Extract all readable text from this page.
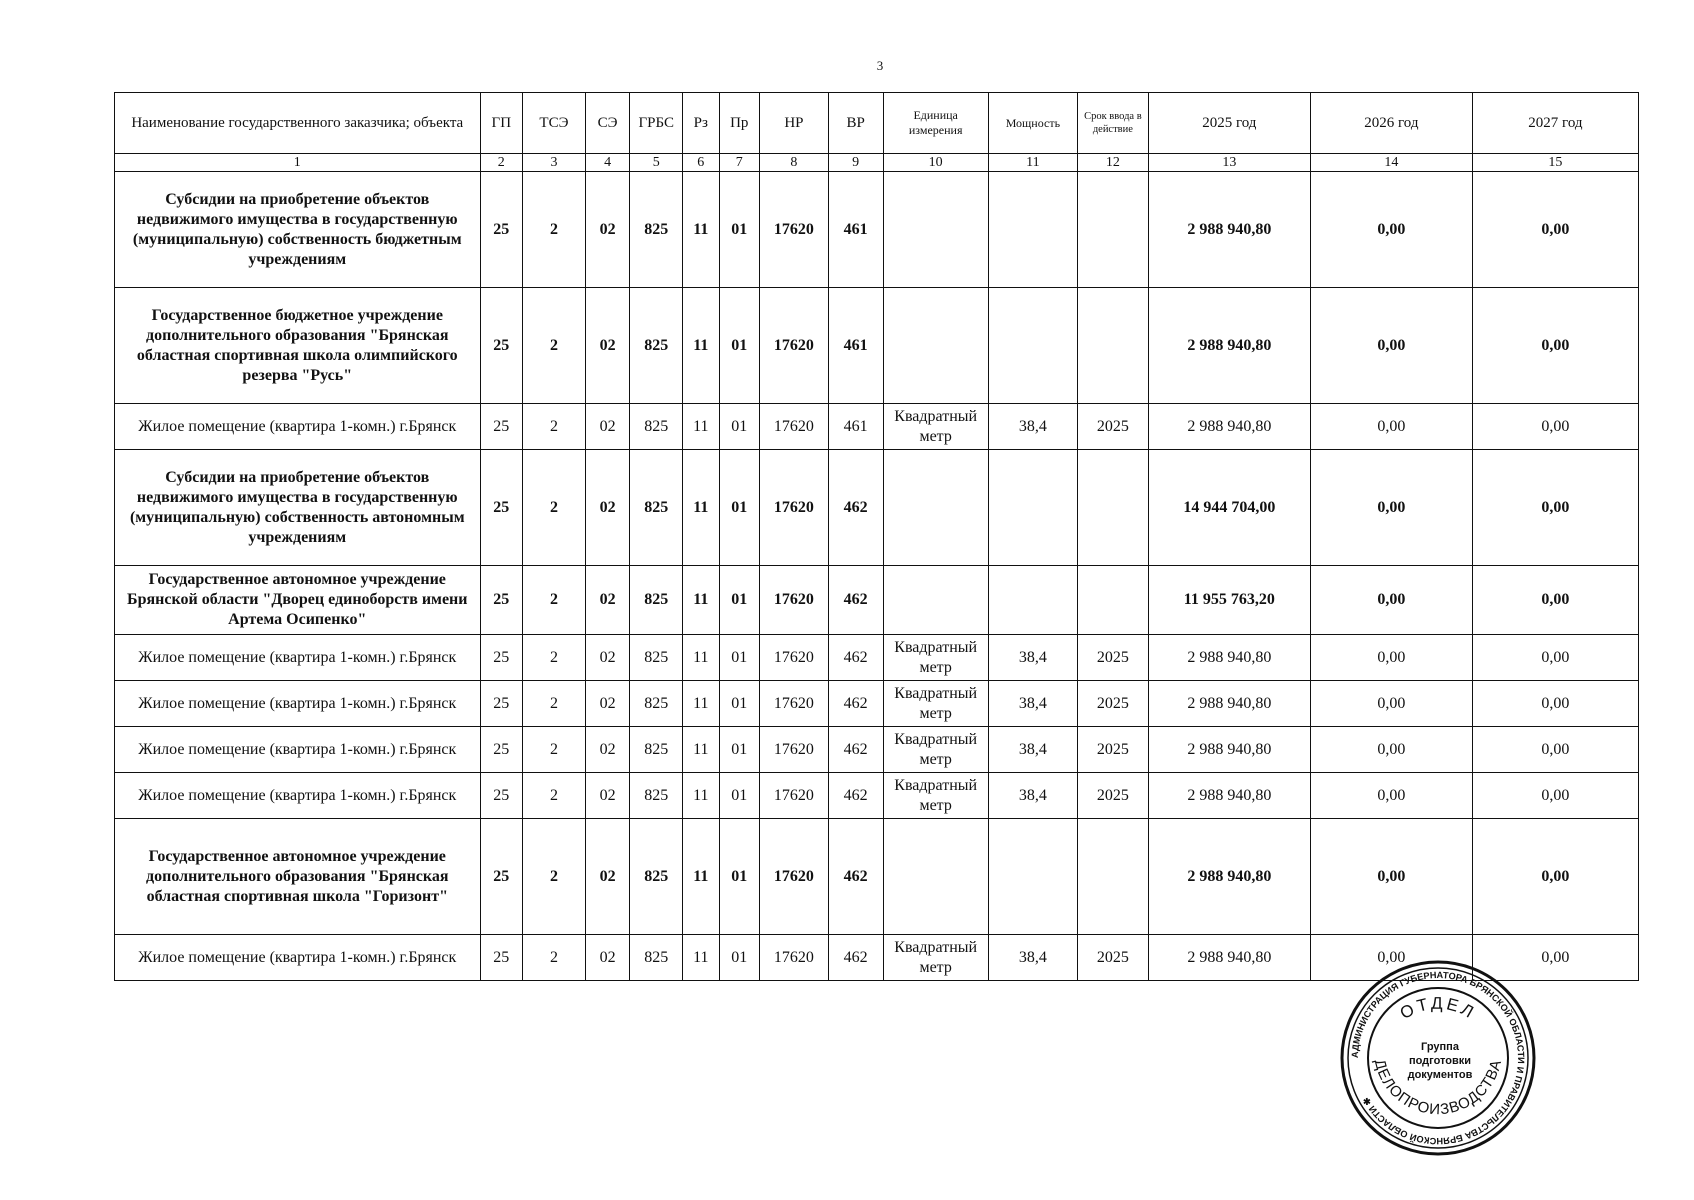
3
Наименование государственного заказчика; объекта	ГП	ТСЭ	СЭ	ГРБС	Рз	Пр	НР	ВР	Единица измерения	Мощность	Срок ввода в действие	2025 год	2026 год	2027 год
1	2	3	4	5	6	7	8	9	10	11	12	13	14	15
Субсидии на приобретение объектов недвижимого имущества в государственную (муниципальную) собственность бюджетным учреждениям	25	2	02	825	11	01	17620	461				2 988 940,80	0,00	0,00
Государственное бюджетное учреждение дополнительного образования "Брянская областная спортивная школа олимпийского резерва "Русь"	25	2	02	825	11	01	17620	461				2 988 940,80	0,00	0,00
Жилое помещение (квартира 1-комн.) г.Брянск	25	2	02	825	11	01	17620	461	Квадратный метр	38,4	2025	2 988 940,80	0,00	0,00
Субсидии на приобретение объектов недвижимого имущества в государственную (муниципальную) собственность автономным учреждениям	25	2	02	825	11	01	17620	462				14 944 704,00	0,00	0,00
Государственное автономное учреждение Брянской области "Дворец единоборств имени Артема Осипенко"	25	2	02	825	11	01	17620	462				11 955 763,20	0,00	0,00
Жилое помещение (квартира 1-комн.) г.Брянск	25	2	02	825	11	01	17620	462	Квадратный метр	38,4	2025	2 988 940,80	0,00	0,00
Жилое помещение (квартира 1-комн.) г.Брянск	25	2	02	825	11	01	17620	462	Квадратный метр	38,4	2025	2 988 940,80	0,00	0,00
Жилое помещение (квартира 1-комн.) г.Брянск	25	2	02	825	11	01	17620	462	Квадратный метр	38,4	2025	2 988 940,80	0,00	0,00
Жилое помещение (квартира 1-комн.) г.Брянск	25	2	02	825	11	01	17620	462	Квадратный метр	38,4	2025	2 988 940,80	0,00	0,00
Государственное автономное учреждение дополнительного образования "Брянская областная спортивная школа "Горизонт"	25	2	02	825	11	01	17620	462				2 988 940,80	0,00	0,00
Жилое помещение (квартира 1-комн.) г.Брянск	25	2	02	825	11	01	17620	462	Квадратный метр	38,4	2025	2 988 940,80	0,00	0,00
АДМИНИСТРАЦИЯ ГУБЕРНАТОРА БРЯНСКОЙ ОБЛАСТИ И ПРАВИТЕЛЬСТВА БРЯНСКОЙ ОБЛАСТИ ✱
ОТДЕЛ
ДЕЛОПРОИЗВОДСТВА
Группа
подготовки
документов
